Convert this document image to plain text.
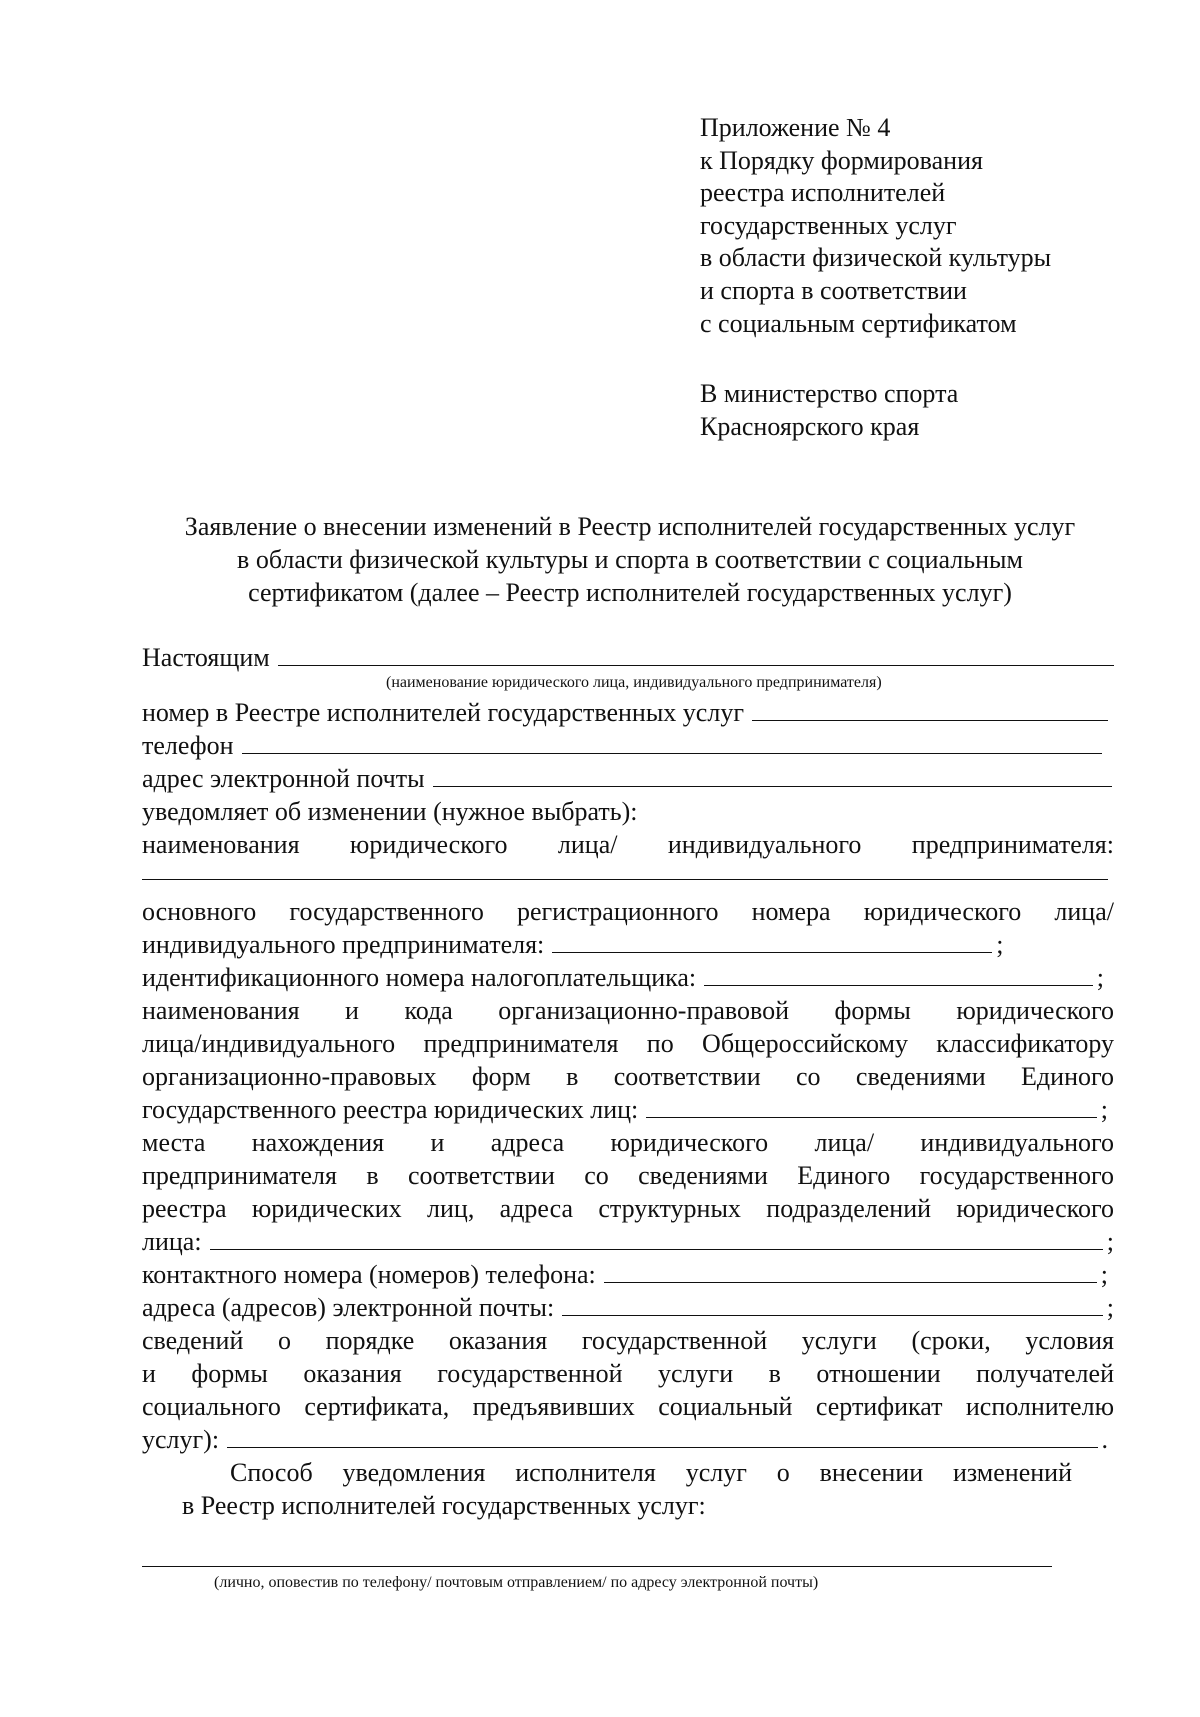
Приложение № 4
к Порядку формирования
реестра исполнителей
государственных услуг
в области физической культуры
и спорта в соответствии
с социальным сертификатом
В министерство спорта
Красноярского края
Заявление о внесении изменений в Реестр исполнителей государственных услуг
в области физической культуры и спорта в соответствии с социальным
сертификатом (далее – Реестр исполнителей государственных услуг)
Настоящим
(наименование юридического лица, индивидуального предпринимателя)
номер в Реестре исполнителей государственных услуг
телефон
адрес электронной почты
уведомляет об изменении (нужное выбрать):
наименования юридического лица/ индивидуального предпринимателя:
основного государственного регистрационного номера юридического лица/
индивидуального предпринимателя:	;
идентификационного номера налогоплательщика:	;
наименования и кода организационно-правовой формы юридического
лица/индивидуального предпринимателя по Общероссийскому классификатору
организационно-правовых форм в соответствии со сведениями Единого
государственного реестра юридических лиц:	;
места нахождения и адреса юридического лица/ индивидуального
предпринимателя в соответствии со сведениями Единого государственного
реестра юридических лиц, адреса структурных подразделений юридического
лица:	;
контактного номера (номеров) телефона:	;
адреса (адресов) электронной почты:	;
сведений о порядке оказания государственной услуги (сроки, условия
и формы оказания государственной услуги в отношении получателей
социального сертификата, предъявивших социальный сертификат исполнителю
услуг):	.
Способ уведомления исполнителя услуг о внесении изменений
в Реестр исполнителей государственных услуг:
(лично, оповестив по телефону/ почтовым отправлением/ по адресу электронной почты)
